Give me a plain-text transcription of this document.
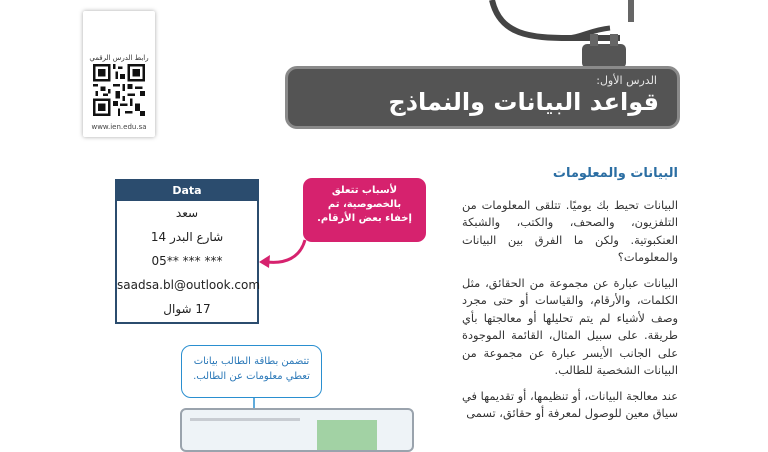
رابط الدرس الرقمي
www.ien.edu.sa
الدرس الأول:
قواعد البيانات والنماذج
Data
سعد
شارع البدر 14
05** *** ***
saadsa.bl@outlook.com
17 شوال
لأسباب تتعلق
بالخصوصية، تم
إخفاء بعض الأرقام.
تتضمن بطاقة الطالب بيانات
تعطي معلومات عن الطالب.
البيانات والمعلومات

البيانات تحيط بك يوميًا. تتلقى المعلومات من التلفزيون، والصحف، والكتب، والشبكة العنكبوتية. ولكن ما الفرق بين البيانات والمعلومات؟

البيانات عبارة عن مجموعة من الحقائق، مثل الكلمات، والأرقام، والقياسات أو حتى مجرد وصف لأشياء لم يتم تحليلها أو معالجتها بأي طريقة. على سبيل المثال، القائمة الموجودة على الجانب الأيسر عبارة عن مجموعة من البيانات الشخصية للطالب.

عند معالجة البيانات، أو تنظيمها، أو تقديمها في سياق معين للوصول لمعرفة أو حقائق، تسمى
